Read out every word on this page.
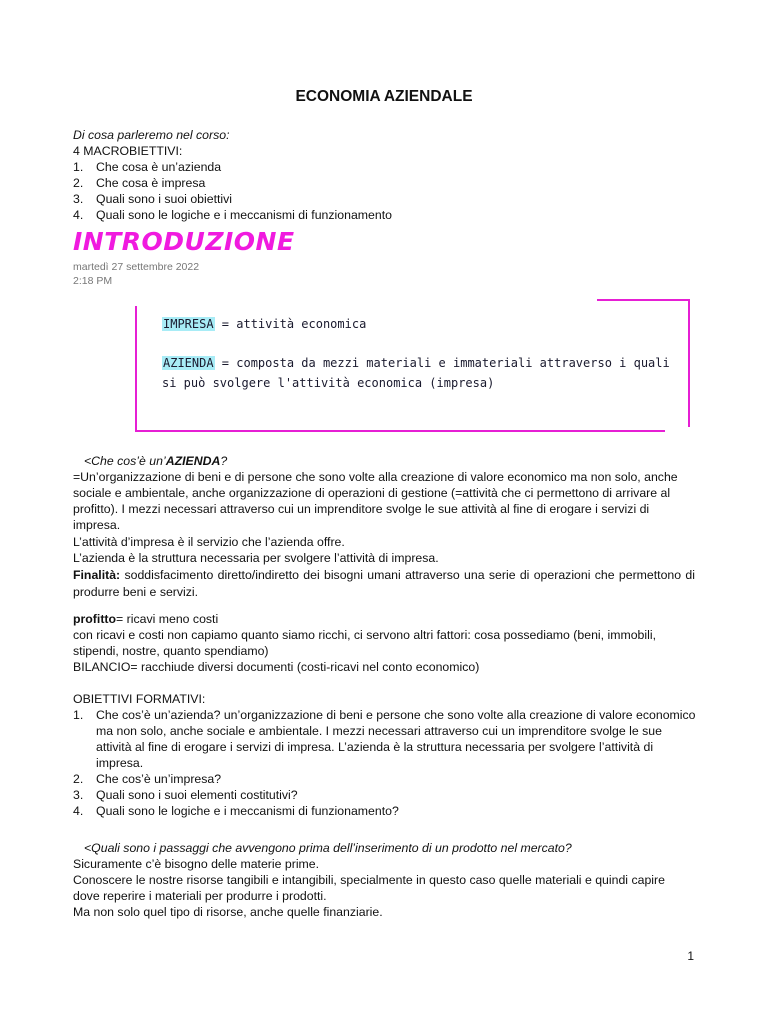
ECONOMIA AZIENDALE
Di cosa parleremo nel corso:
4 MACROBIETTIVI:
1. Che cosa è un’azienda
2. Che cosa è impresa
3. Quali sono i suoi obiettivi
4. Quali sono le logiche e i meccanismi di funzionamento
INTRODUZIONE
martedì 27 settembre 2022
2:18 PM
IMPRESA = attività economica
AZIENDA = composta da mezzi materiali e immateriali attraverso i quali
si può svolgere l'attività economica (impresa)
<Che cos’è un’AZIENDA?
=Un’organizzazione di beni e di persone che sono volte alla creazione di valore economico ma non solo, anche sociale e ambientale, anche organizzazione di operazioni di gestione (=attività che ci permettono di arrivare al profitto). I mezzi necessari attraverso cui un imprenditore svolge le sue attività al fine di erogare i servizi di impresa.
L’attività d’impresa è il servizio che l’azienda offre.
L’azienda è la struttura necessaria per svolgere l’attività di impresa.
Finalità: soddisfacimento diretto/indiretto dei bisogni umani attraverso una serie di operazioni che permettono di produrre beni e servizi.
profitto= ricavi meno costi
con ricavi e costi non capiamo quanto siamo ricchi, ci servono altri fattori: cosa possediamo (beni, immobili, stipendi, nostre, quanto spendiamo)
BILANCIO= racchiude diversi documenti (costi-ricavi nel conto economico)
OBIETTIVI FORMATIVI:
1. Che cos’è un’azienda? un’organizzazione di beni e persone che sono volte alla creazione di valore economico ma non solo, anche sociale e ambientale. I mezzi necessari attraverso cui un imprenditore svolge le sue attività al fine di erogare i servizi di impresa. L’azienda è la struttura necessaria per svolgere l’attività di impresa.
2. Che cos’è un’impresa?
3. Quali sono i suoi elementi costitutivi?
4. Quali sono le logiche e i meccanismi di funzionamento?
<Quali sono i passaggi che avvengono prima dell’inserimento di un prodotto nel mercato?
Sicuramente c’è bisogno delle materie prime.
Conoscere le nostre risorse tangibili e intangibili, specialmente in questo caso quelle materiali e quindi capire dove reperire i materiali per produrre i prodotti.
Ma non solo quel tipo di risorse, anche quelle finanziarie.
1
